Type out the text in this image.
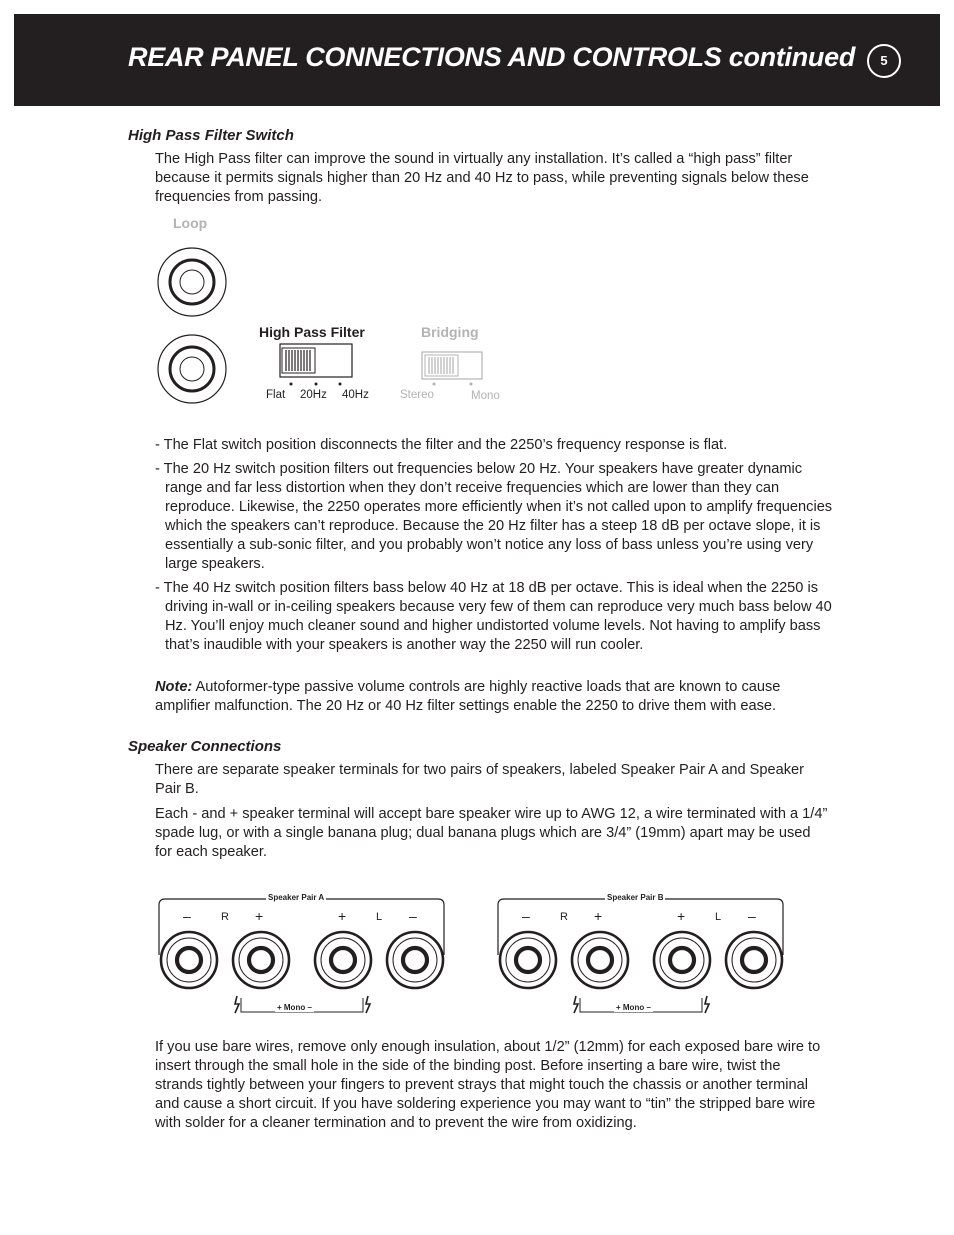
REAR PANEL CONNECTIONS AND CONTROLS continued	5
High Pass Filter Switch

The High Pass filter can improve the sound in virtually any installation. It’s called a “high pass” filter because it permits signals higher than 20 Hz and 40 Hz to pass, while preventing signals below these frequencies from passing.

Loop
High Pass Filter
Flat 20Hz 40Hz
Bridging
Stereo	Mono

- The Flat switch position disconnects the filter and the 2250’s frequency response is flat.

- The 20 Hz switch position filters out frequencies below 20 Hz. Your speakers have greater dynamic range and far less distortion when they don’t receive frequencies which are lower than they can reproduce. Likewise, the 2250 operates more efficiently when it’s not called upon to amplify frequencies which the speakers can’t reproduce. Because the 20 Hz filter has a steep 18 dB per octave slope, it is essentially a sub-sonic filter, and you probably won’t notice any loss of bass unless you’re using very large speakers.

- The 40 Hz switch position filters bass below 40 Hz at 18 dB per octave. This is ideal when the 2250 is driving in-wall or in-ceiling speakers because very few of them can reproduce very much bass below 40 Hz. You’ll enjoy much cleaner sound and higher undistorted volume levels. Not having to amplify bass that’s inaudible with your speakers is another way the 2250 will run cooler.

Note: Autoformer-type passive volume controls are highly reactive loads that are known to cause amplifier malfunction. The 20 Hz or 40 Hz filter settings enable the 2250 to drive them with ease.

Speaker Connections

There are separate speaker terminals for two pairs of speakers, labeled Speaker Pair A and Speaker Pair B.

Each - and + speaker terminal will accept bare speaker wire up to AWG 12, a wire terminated with a 1/4” spade lug, or with a single banana plug; dual banana plugs which are 3/4” (19mm) apart may be used for each speaker.

Speaker Pair A
–	R +	+	L –
+ Mono –
Speaker Pair B
–	R +	+	L –
+ Mono –

If you use bare wires, remove only enough insulation, about 1/2” (12mm) for each exposed bare wire to insert through the small hole in the side of the binding post. Before inserting a bare wire, twist the strands tightly between your fingers to prevent strays that might touch the chassis or another terminal and cause a short circuit. If you have soldering experience you may want to “tin” the stripped bare wire with solder for a cleaner termination and to prevent the wire from oxidizing.
